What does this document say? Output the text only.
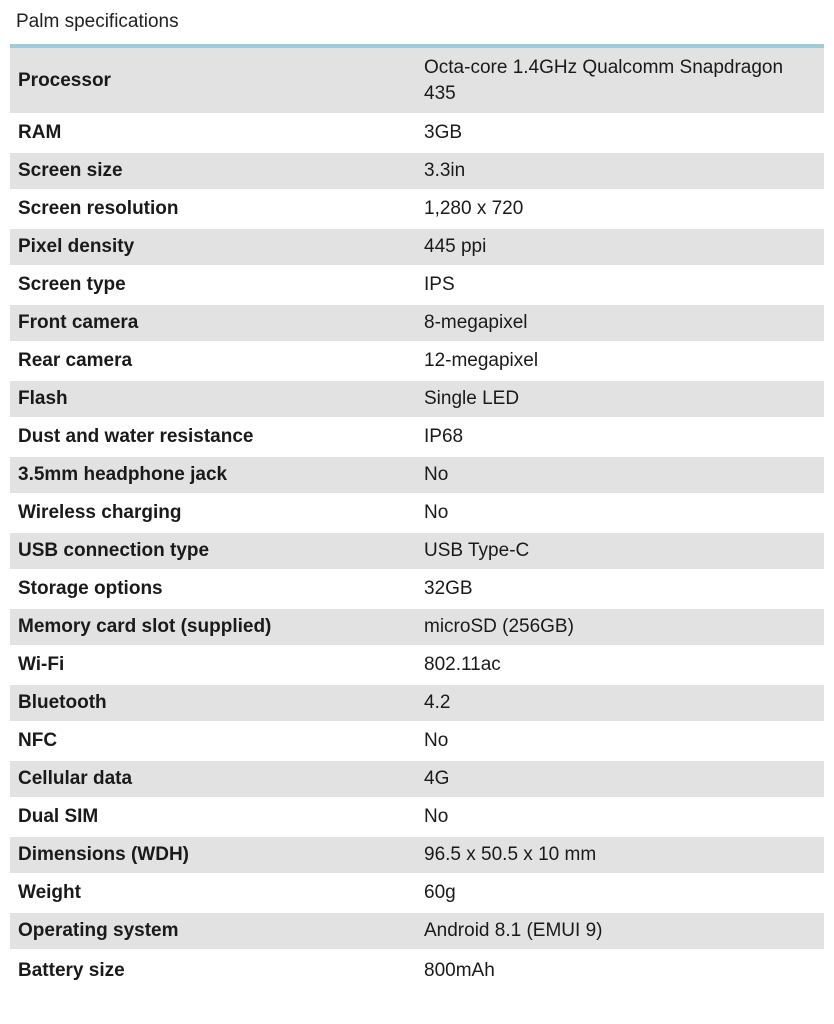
Palm specifications
Processor	Octa-core 1.4GHz Qualcomm Snapdragon 435
RAM	3GB
Screen size	3.3in
Screen resolution	1,280 x 720
Pixel density	445 ppi
Screen type	IPS
Front camera	8-megapixel
Rear camera	12-megapixel
Flash	Single LED
Dust and water resistance	IP68
3.5mm headphone jack	No
Wireless charging	No
USB connection type	USB Type-C
Storage options	32GB
Memory card slot (supplied)	microSD (256GB)
Wi-Fi	802.11ac
Bluetooth	4.2
NFC	No
Cellular data	4G
Dual SIM	No
Dimensions (WDH)	96.5 x 50.5 x 10 mm
Weight	60g
Operating system	Android 8.1 (EMUI 9)
Battery size	800mAh
